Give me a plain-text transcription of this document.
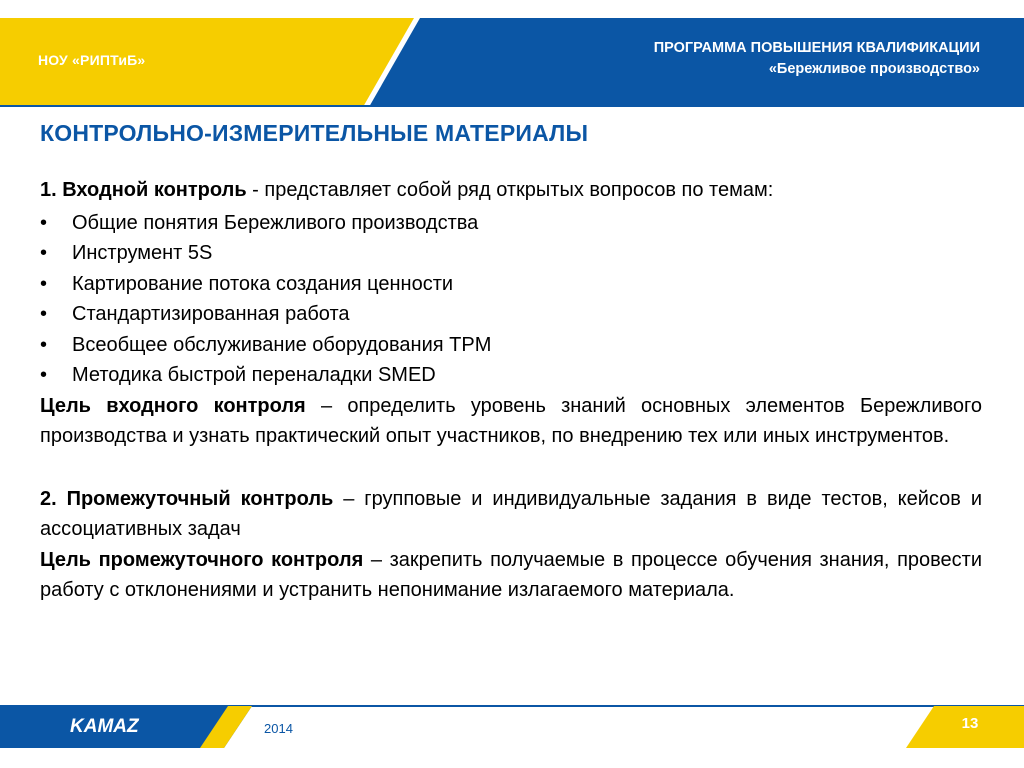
НОУ «РИПТиБ»
ПРОГРАММА ПОВЫШЕНИЯ КВАЛИФИКАЦИИ
«Бережливое производство»
КОНТРОЛЬНО-ИЗМЕРИТЕЛЬНЫЕ МАТЕРИАЛЫ

1. Входной контроль - представляет собой ряд открытых вопросов по темам:

• Общие понятия Бережливого производства
• Инструмент 5S
• Картирование потока создания ценности
• Стандартизированная работа
• Всеобщее обслуживание оборудования TPM
• Методика быстрой переналадки SMED

Цель входного контроля – определить уровень знаний основных элементов Бережливого производства и узнать практический опыт участников, по внедрению тех или иных инструментов.

2. Промежуточный контроль – групповые и индивидуальные задания в виде тестов, кейсов и ассоциативных задач

Цель промежуточного контроля – закрепить получаемые в процессе обучения знания, провести работу с отклонениями и устранить непонимание излагаемого материала.

KAMAZ	2014	13
